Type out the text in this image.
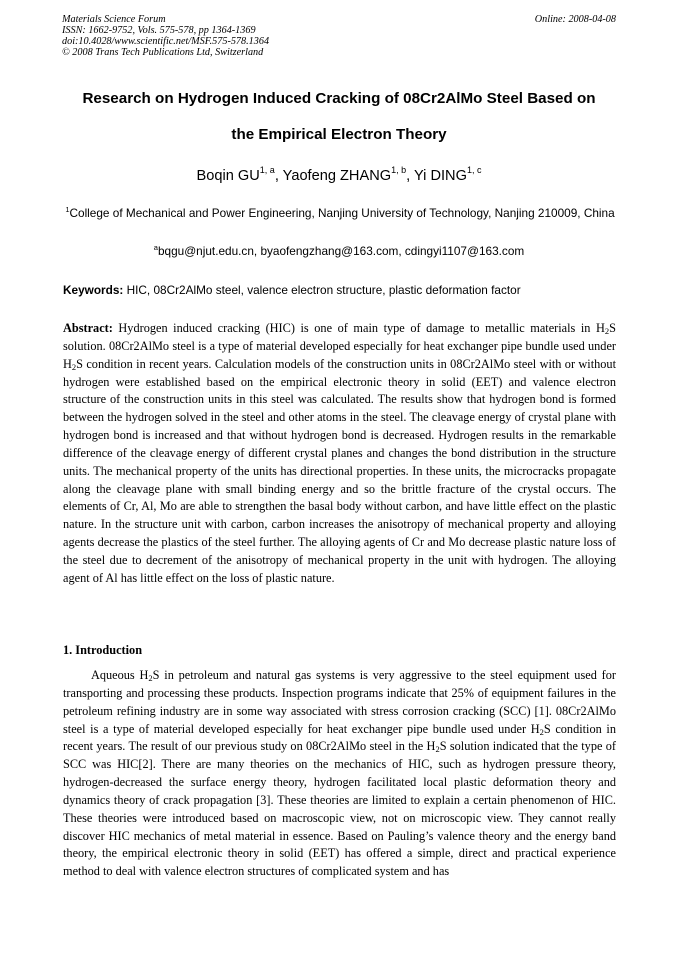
Materials Science Forum
ISSN: 1662-9752, Vols. 575-578, pp 1364-1369
doi:10.4028/www.scientific.net/MSF.575-578.1364
© 2008 Trans Tech Publications Ltd, Switzerland
Online: 2008-04-08
Research on Hydrogen Induced Cracking of 08Cr2AlMo Steel Based on
the Empirical Electron Theory
Boqin GU$^{1, a}$, Yaofeng ZHANG$^{1, b}$, Yi DING$^{1, c}$
$^1$College of Mechanical and Power Engineering, Nanjing University of Technology, Nanjing 210009, China
$^a$bqgu@njut.edu.cn, byaofengzhang@163.com, cdingyi1107@163.com
Keywords: HIC, 08Cr2AlMo steel, valence electron structure, plastic deformation factor
Abstract: Hydrogen induced cracking (HIC) is one of main type of damage to metallic materials in $H_2S$ solution. 08Cr2AlMo steel is a type of material developed especially for heat exchanger pipe bundle used under $H_2S$ condition in recent years. Calculation models of the construction units in 08Cr2AlMo steel with or without hydrogen were established based on the empirical electronic theory in solid (EET) and valence electron structure of the construction units in this steel was calculated. The results show that hydrogen bond is formed between the hydrogen solved in the steel and other atoms in the steel. The cleavage energy of crystal plane with hydrogen bond is increased and that without hydrogen bond is decreased. Hydrogen results in the remarkable difference of the cleavage energy of different crystal planes and changes the bond distribution in the structure units. The mechanical property of the units has directional properties. In these units, the microcracks propagate along the cleavage plane with small binding energy and so the brittle fracture of the crystal occurs. The elements of Cr, Al, Mo are able to strengthen the basal body without carbon, and have little effect on the plastic nature. In the structure unit with carbon, carbon increases the anisotropy of mechanical property and alloying agents decrease the plastics of the steel further. The alloying agents of Cr and Mo decrease plastic nature loss of the steel due to decrement of the anisotropy of mechanical property in the unit with hydrogen. The alloying agent of Al has little effect on the loss of plastic nature.
1. Introduction
Aqueous $H_2S$ in petroleum and natural gas systems is very aggressive to the steel equipment used for transporting and processing these products. Inspection programs indicate that 25% of equipment failures in the petroleum refining industry are in some way associated with stress corrosion cracking (SCC) [1]. 08Cr2AlMo steel is a type of material developed especially for heat exchanger pipe bundle used under $H_2S$ condition in recent years. The result of our previous study on 08Cr2AlMo steel in the $H_2S$ solution indicated that the type of SCC was HIC[2]. There are many theories on the mechanics of HIC, such as hydrogen pressure theory, hydrogen-decreased the surface energy theory, hydrogen facilitated local plastic deformation theory and dynamics theory of crack propagation [3]. These theories are limited to explain a certain phenomenon of HIC. These theories were introduced based on macroscopic view, not on microscopic view. They cannot really discover HIC mechanics of metal material in essence. Based on Pauling’s valence theory and the energy band theory, the empirical electronic theory in solid (EET) has offered a simple, direct and practical experience method to deal with valence electron structures of complicated system and has
